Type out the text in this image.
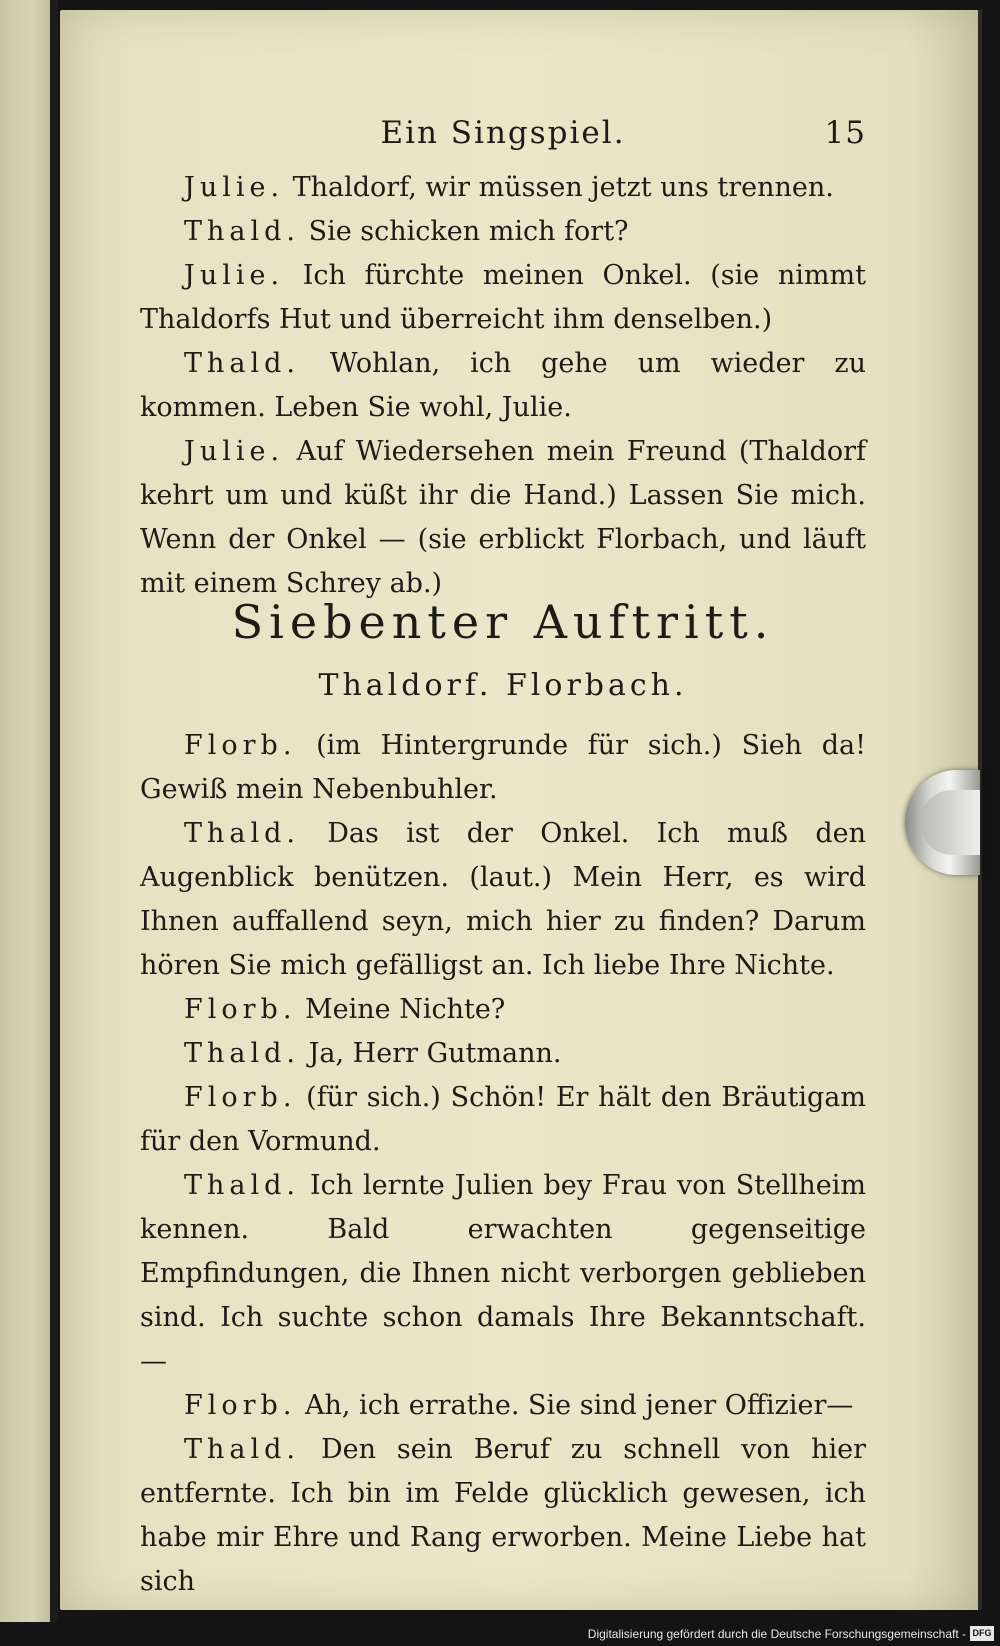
Ein Singspiel.	15

Julie. Thaldorf, wir müssen jetzt uns trennen.

Thald. Sie schicken mich fort?

Julie. Ich fürchte meinen Onkel. (sie nimmt Thaldorfs Hut und überreicht ihm denselben.)

Thald. Wohlan, ich gehe um wieder zu kommen. Leben Sie wohl, Julie.

Julie. Auf Wiedersehen mein Freund (Thaldorf kehrt um und küßt ihr die Hand.) Lassen Sie mich. Wenn der Onkel — (sie erblickt Florbach, und läuft mit einem Schrey ab.)

Siebenter Auftritt.
Thaldorf. Florbach.

Florb. (im Hintergrunde für sich.) Sieh da! Gewiß mein Nebenbuhler.

Thald. Das ist der Onkel. Ich muß den Augenblick benützen. (laut.) Mein Herr, es wird Ihnen auffallend seyn, mich hier zu finden? Darum hören Sie mich gefälligst an. Ich liebe Ihre Nichte.

Florb. Meine Nichte?

Thald. Ja, Herr Gutmann.

Florb. (für sich.) Schön! Er hält den Bräutigam für den Vormund.

Thald. Ich lernte Julien bey Frau von Stellheim kennen. Bald erwachten gegenseitige Empfindungen, die Ihnen nicht verborgen geblieben sind. Ich suchte schon damals Ihre Bekanntschaft. —

Florb. Ah, ich errathe. Sie sind jener Offizier—

Thald. Den sein Beruf zu schnell von hier entfernte. Ich bin im Felde glücklich gewesen, ich habe mir Ehre und Rang erworben. Meine Liebe hat sich

Digitalisierung gefördert durch die Deutsche Forschungsgemeinschaft - DFG
